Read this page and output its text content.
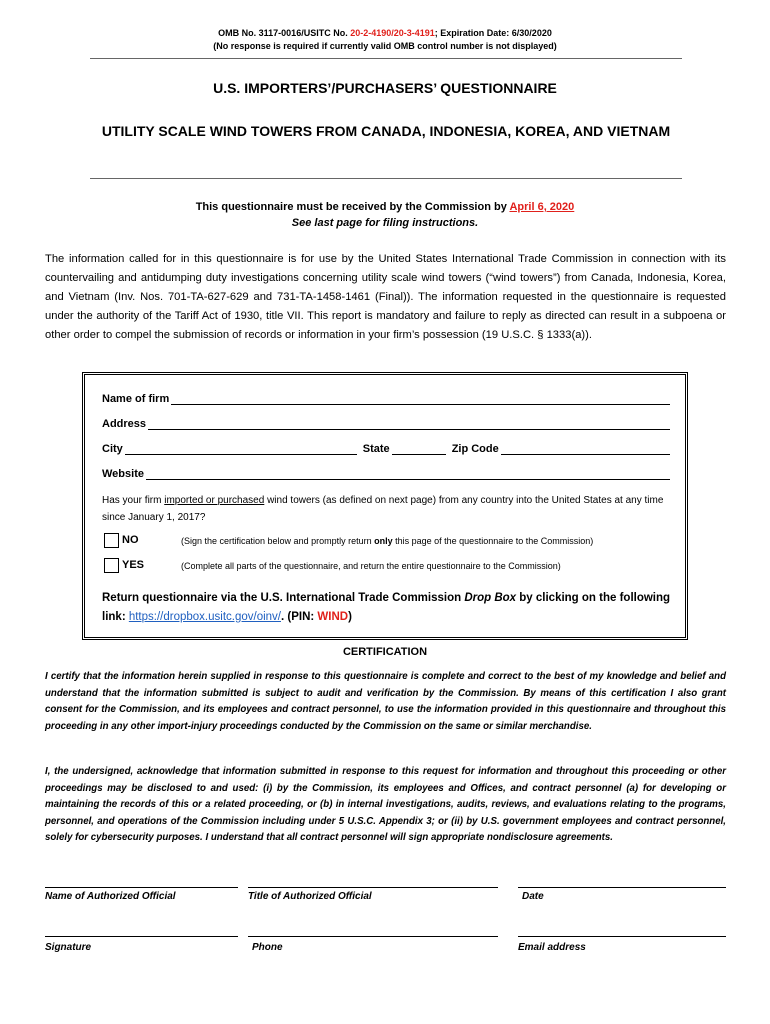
OMB No. 3117-0016/USITC No. 20-2-4190/20-3-4191; Expiration Date: 6/30/2020
(No response is required if currently valid OMB control number is not displayed)
U.S. IMPORTERS’/PURCHASERS’ QUESTIONNAIRE
UTILITY SCALE WIND TOWERS FROM CANADA, INDONESIA, KOREA, AND VIETNAM
This questionnaire must be received by the Commission by April 6, 2020
See last page for filing instructions.
The information called for in this questionnaire is for use by the United States International Trade Commission in connection with its countervailing and antidumping duty investigations concerning utility scale wind towers (“wind towers”) from Canada, Indonesia, Korea, and Vietnam (Inv. Nos. 701-TA-627-629 and 731-TA-1458-1461 (Final)). The information requested in the questionnaire is requested under the authority of the Tariff Act of 1930, title VII. This report is mandatory and failure to reply as directed can result in a subpoena or other order to compel the submission of records or information in your firm’s possession (19 U.S.C. § 1333(a)).
Name of firm
Address
City	State	Zip Code
Website
Has your firm imported or purchased wind towers (as defined on next page) from any country into the United States at any time since January 1, 2017?
NO	(Sign the certification below and promptly return only this page of the questionnaire to the Commission)
YES	(Complete all parts of the questionnaire, and return the entire questionnaire to the Commission)
Return questionnaire via the U.S. International Trade Commission Drop Box by clicking on the following link: https://dropbox.usitc.gov/oinv/. (PIN: WIND)
CERTIFICATION
I certify that the information herein supplied in response to this questionnaire is complete and correct to the best of my knowledge and belief and understand that the information submitted is subject to audit and verification by the Commission. By means of this certification I also grant consent for the Commission, and its employees and contract personnel, to use the information provided in this questionnaire and throughout this proceeding in any other import-injury proceedings conducted by the Commission on the same or similar merchandise.
I, the undersigned, acknowledge that information submitted in response to this request for information and throughout this proceeding or other proceedings may be disclosed to and used: (i) by the Commission, its employees and Offices, and contract personnel (a) for developing or maintaining the records of this or a related proceeding, or (b) in internal investigations, audits, reviews, and evaluations relating to the programs, personnel, and operations of the Commission including under 5 U.S.C. Appendix 3; or (ii) by U.S. government employees and contract personnel, solely for cybersecurity purposes. I understand that all contract personnel will sign appropriate nondisclosure agreements.
Name of Authorized Official	Title of Authorized Official	Date
Signature	Phone	Email address
